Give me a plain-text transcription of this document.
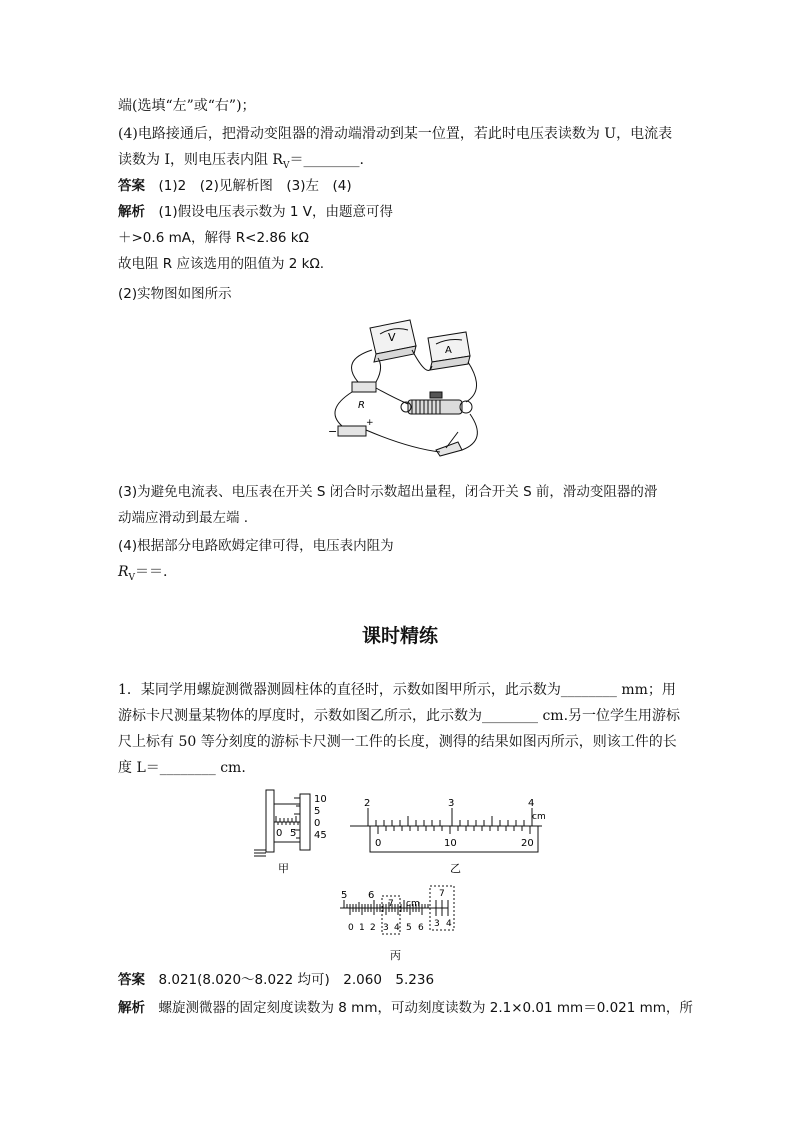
端(选填“左”或“右”)；
(4)电路接通后，把滑动变阻器的滑动端滑动到某一位置，若此时电压表读数为 U，电流表
读数为 I，则电压表内阻 $R_V=\_\_\_\_\_\_\_\_$.
答案　 (1)2　(2)见解析图　(3)左　(4)
解析　 (1)假设电压表示数为 1 V，由题意可得
＋>0.6 mA，解得 R<2.86 kΩ
故电阻 R 应该选用的阻值为 2 kΩ.
(2)实物图如图所示
R
V
A
−
+
(3)为避免电流表、电压表在开关 S 闭合时示数超出量程，闭合开关 S 前，滑动变阻器的滑
动端应滑动到最左端 .
(4)根据部分电路欧姆定律可得，电压表内阻为
$R_V==$.
课时精练
1．某同学用螺旋测微器测圆柱体的直径时，示数如图甲所示，此示数为________ mm；用
游标卡尺测量某物体的厚度时，示数如图乙所示，此示数为________ cm.另一位学生用游标
尺上标有 50 等分刻度的游标卡尺测一工件的长度，测得的结果如图丙所示，则该工件的长
度 L＝________ cm.
10
5
0
45
0 5
甲
2	3	4
cm
0	10	20
乙
5 6
7 cm
0 1 2 3 4 5 6
7
3 4
丙
答案　 8.021(8.020～8.022 均可)　2.060　5.236
解析　 螺旋测微器的固定刻度读数为 8 mm，可动刻度读数为 2.1×0.01 mm＝0.021 mm，所
